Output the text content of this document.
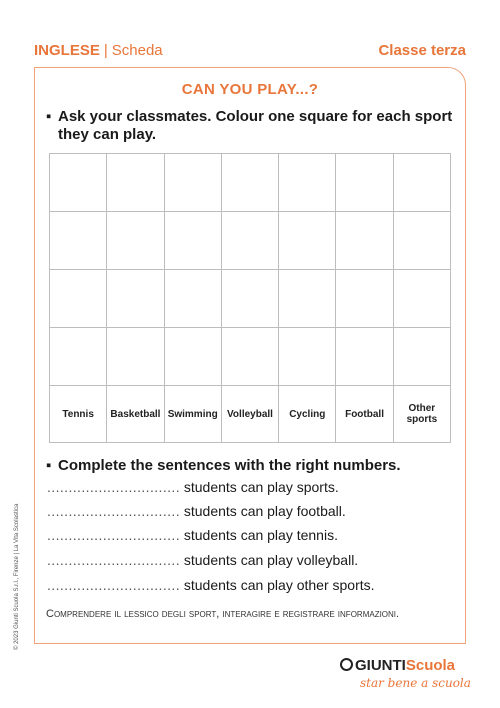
INGLESE | Scheda	Classe terza
CAN YOU PLAY...?
▪ Ask your classmates. Colour one square for each sport they can play.

Tennis	Basketball	Swimming	Volleyball	Cycling	Football	Other sports
▪ Complete the sentences with the right numbers.
............................... students can play sports.
............................... students can play football.
............................... students can play tennis.
............................... students can play volleyball.
............................... students can play other sports.
Comprendere il lessico degli sport, interagire e registrare informazioni.
© 2023 Giunti Scuola S.r.l., Firenze | La Vita Scolastica
GIUNTIScuola
star bene a scuola
